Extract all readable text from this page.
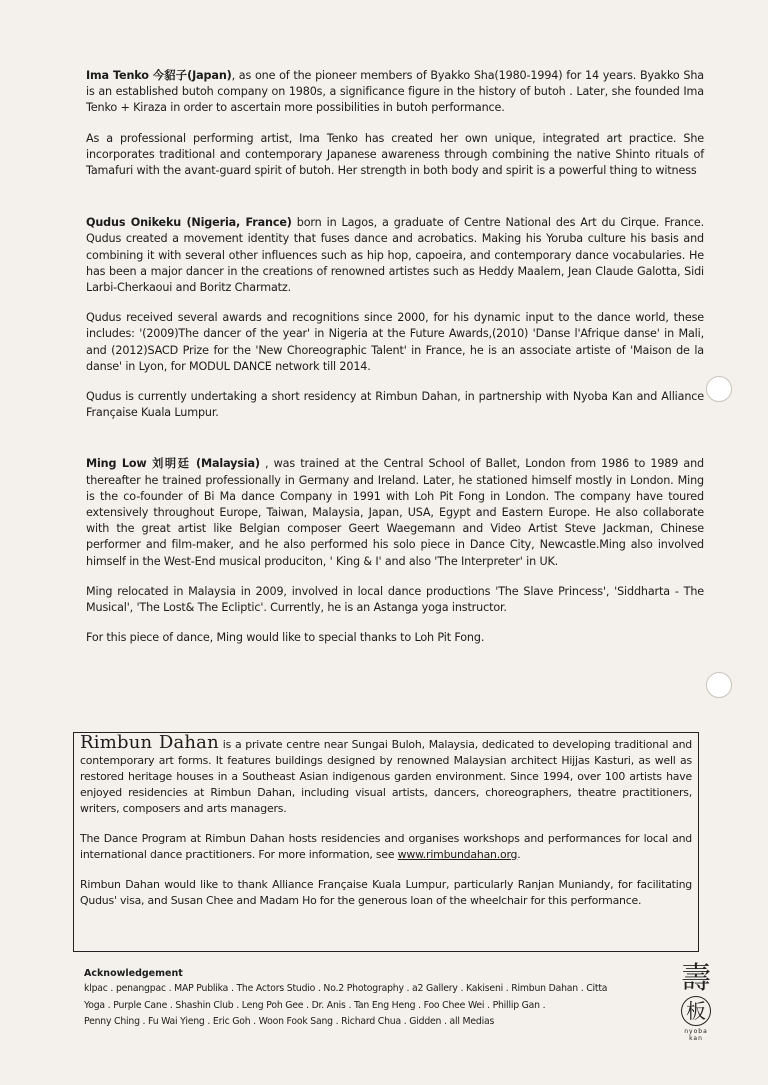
Ima Tenko 今貂子(Japan), as one of the pioneer members of Byakko Sha(1980-1994) for 14 years. Byakko Sha is an established butoh company on 1980s, a significance figure in the history of butoh . Later, she founded Ima Tenko + Kiraza in order to ascertain more possibilities in butoh performance.

As a professional performing artist, Ima Tenko has created her own unique, integrated art practice. She incorporates traditional and contemporary Japanese awareness through combining the native Shinto rituals of Tamafuri with the avant-guard spirit of butoh. Her strength in both body and spirit is a powerful thing to witness

Qudus Onikeku (Nigeria, France) born in Lagos, a graduate of Centre National des Art du Cirque. France. Qudus created a movement identity that fuses dance and acrobatics. Making his Yoruba culture his basis and combining it with several other influences such as hip hop, capoeira, and contemporary dance vocabularies. He has been a major dancer in the creations of renowned artistes such as Heddy Maalem, Jean Claude Galotta, Sidi Larbi-Cherkaoui and Boritz Charmatz.

Qudus received several awards and recognitions since 2000, for his dynamic input to the dance world, these includes: '(2009)The dancer of the year' in Nigeria at the Future Awards,(2010) 'Danse l'Afrique danse' in Mali, and (2012)SACD Prize for the 'New Choreographic Talent' in France, he is an associate artiste of 'Maison de la danse' in Lyon, for MODUL DANCE network till 2014.

Qudus is currently undertaking a short residency at Rimbun Dahan, in partnership with Nyoba Kan and Alliance Française Kuala Lumpur.

Ming Low 刘明廷 (Malaysia) , was trained at the Central School of Ballet, London from 1986 to 1989 and thereafter he trained professionally in Germany and Ireland. Later, he stationed himself mostly in London. Ming is the co-founder of Bi Ma dance Company in 1991 with Loh Pit Fong in London. The company have toured extensively throughout Europe, Taiwan, Malaysia, Japan, USA, Egypt and Eastern Europe. He also collaborate with the great artist like Belgian composer Geert Waegemann and Video Artist Steve Jackman, Chinese performer and film-maker, and he also performed his solo piece in Dance City, Newcastle.Ming also involved himself in the West-End musical produciton, ' King & I' and also 'The Interpreter' in UK.

Ming relocated in Malaysia in 2009, involved in local dance productions 'The Slave Princess', 'Siddharta - The Musical', 'The Lost& The Ecliptic'. Currently, he is an Astanga yoga instructor.

For this piece of dance, Ming would like to special thanks to Loh Pit Fong.

Rimbun Dahan is a private centre near Sungai Buloh, Malaysia, dedicated to developing traditional and contemporary art forms. It features buildings designed by renowned Malaysian architect Hijjas Kasturi, as well as restored heritage houses in a Southeast Asian indigenous garden environment. Since 1994, over 100 artists have enjoyed residencies at Rimbun Dahan, including visual artists, dancers, choreographers, theatre practitioners, writers, composers and arts managers.

The Dance Program at Rimbun Dahan hosts residencies and organises workshops and performances for local and international dance practitioners. For more information, see www.rimbundahan.org.

Rimbun Dahan would like to thank Alliance Française Kuala Lumpur, particularly Ranjan Muniandy, for facilitating Qudus' visa, and Susan Chee and Madam Ho for the generous loan of the wheelchair for this performance.

Acknowledgement

klpac . penangpac . MAP Publika . The Actors Studio . No.2 Photography . a2 Gallery . Kakiseni . Rimbun Dahan . Citta

Yoga . Purple Cane . Shashin Club . Leng Poh Gee . Dr. Anis . Tan Eng Heng . Foo Chee Wei . Phillip Gan .

Penny Ching . Fu Wai Yieng . Eric Goh . Woon Fook Sang . Richard Chua . Gidden . all Medias

壽
板
nyoba kan
